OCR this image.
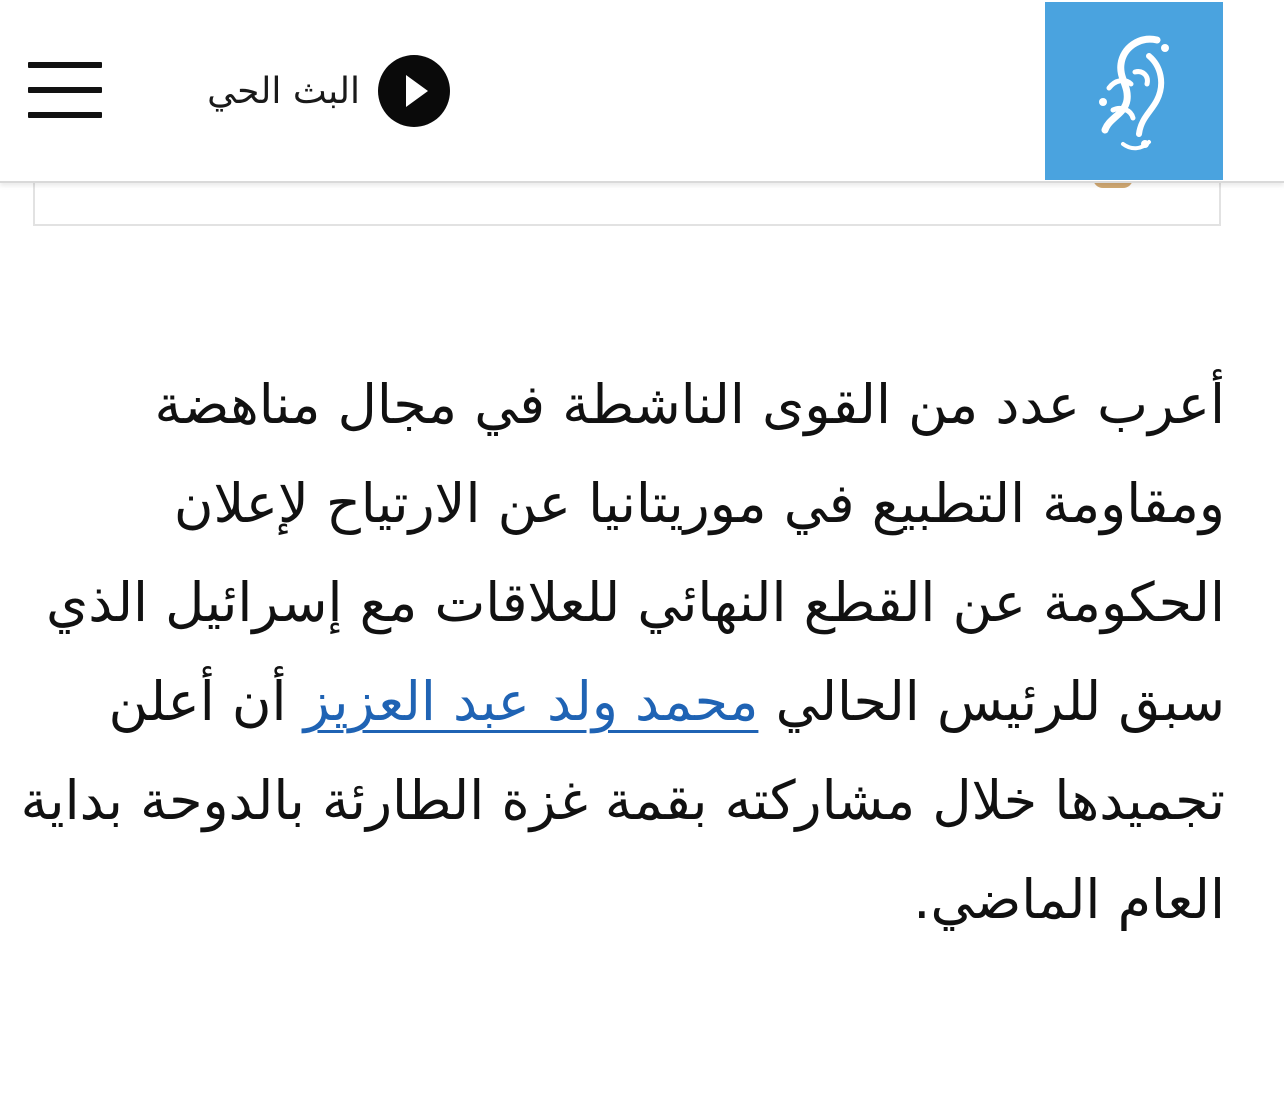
البث الحي

أعرب عدد من القوى الناشطة في مجال مناهضة ومقاومة التطبيع في موريتانيا عن الارتياح لإعلان الحكومة عن القطع النهائي للعلاقات مع إسرائيل الذي سبق للرئيس الحالي محمد ولد عبد العزيز أن أعلن تجميدها خلال مشاركته بقمة غزة الطارئة بالدوحة بداية العام الماضي.
